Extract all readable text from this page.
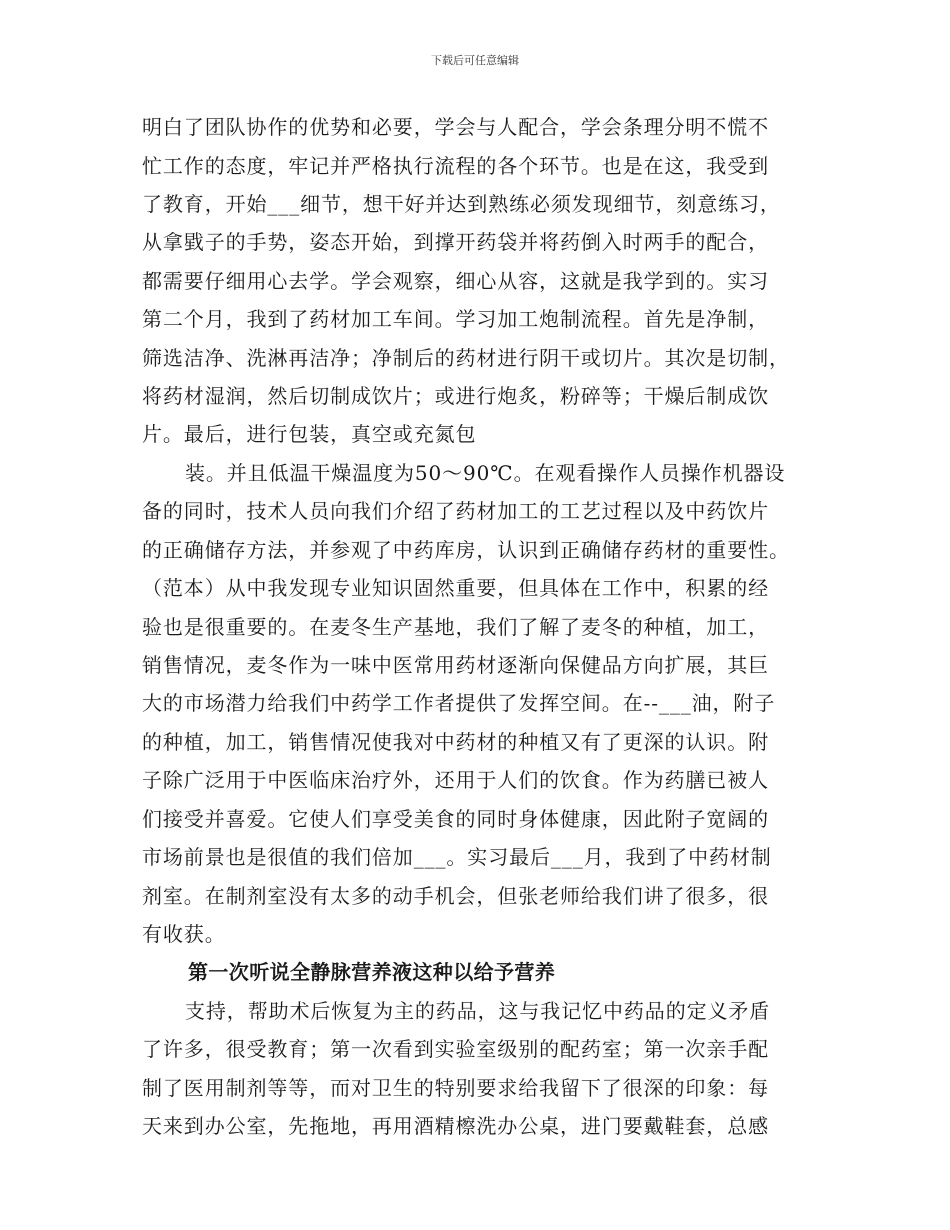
下载后可任意编辑
明白了团队协作的优势和必要，学会与人配合，学会条理分明不慌不
忙工作的态度，牢记并严格执行流程的各个环节。也是在这，我受到
了教育，开始___细节，想干好并达到熟练必须发现细节，刻意练习，
从拿戥子的手势，姿态开始，到撑开药袋并将药倒入时两手的配合，
都需要仔细用心去学。学会观察，细心从容，这就是我学到的。实习
第二个月，我到了药材加工车间。学习加工炮制流程。首先是净制，
筛选洁净、洗淋再洁净；净制后的药材进行阴干或切片。其次是切制，
将药材湿润，然后切制成饮片；或进行炮炙，粉碎等；干燥后制成饮
片。最后，进行包装，真空或充氮包
装。并且低温干燥温度为50～90℃。在观看操作人员操作机器设
备的同时，技术人员向我们介绍了药材加工的工艺过程以及中药饮片
的正确储存方法，并参观了中药库房，认识到正确储存药材的重要性。
（范本）从中我发现专业知识固然重要，但具体在工作中，积累的经
验也是很重要的。在麦冬生产基地，我们了解了麦冬的种植，加工，
销售情况，麦冬作为一味中医常用药材逐渐向保健品方向扩展，其巨
大的市场潜力给我们中药学工作者提供了发挥空间。在--___油，附子
的种植，加工，销售情况使我对中药材的种植又有了更深的认识。附
子除广泛用于中医临床治疗外，还用于人们的饮食。作为药膳已被人
们接受并喜爱。它使人们享受美食的同时身体健康，因此附子宽阔的
市场前景也是很值的我们倍加___。实习最后___月，我到了中药材制
剂室。在制剂室没有太多的动手机会，但张老师给我们讲了很多，很
有收获。
第一次听说全静脉营养液这种以给予营养
支持，帮助术后恢复为主的药品，这与我记忆中药品的定义矛盾
了许多，很受教育；第一次看到实验室级别的配药室；第一次亲手配
制了医用制剂等等，而对卫生的特别要求给我留下了很深的印象：每
天来到办公室，先拖地，再用酒精檫洗办公桌，进门要戴鞋套，总感
